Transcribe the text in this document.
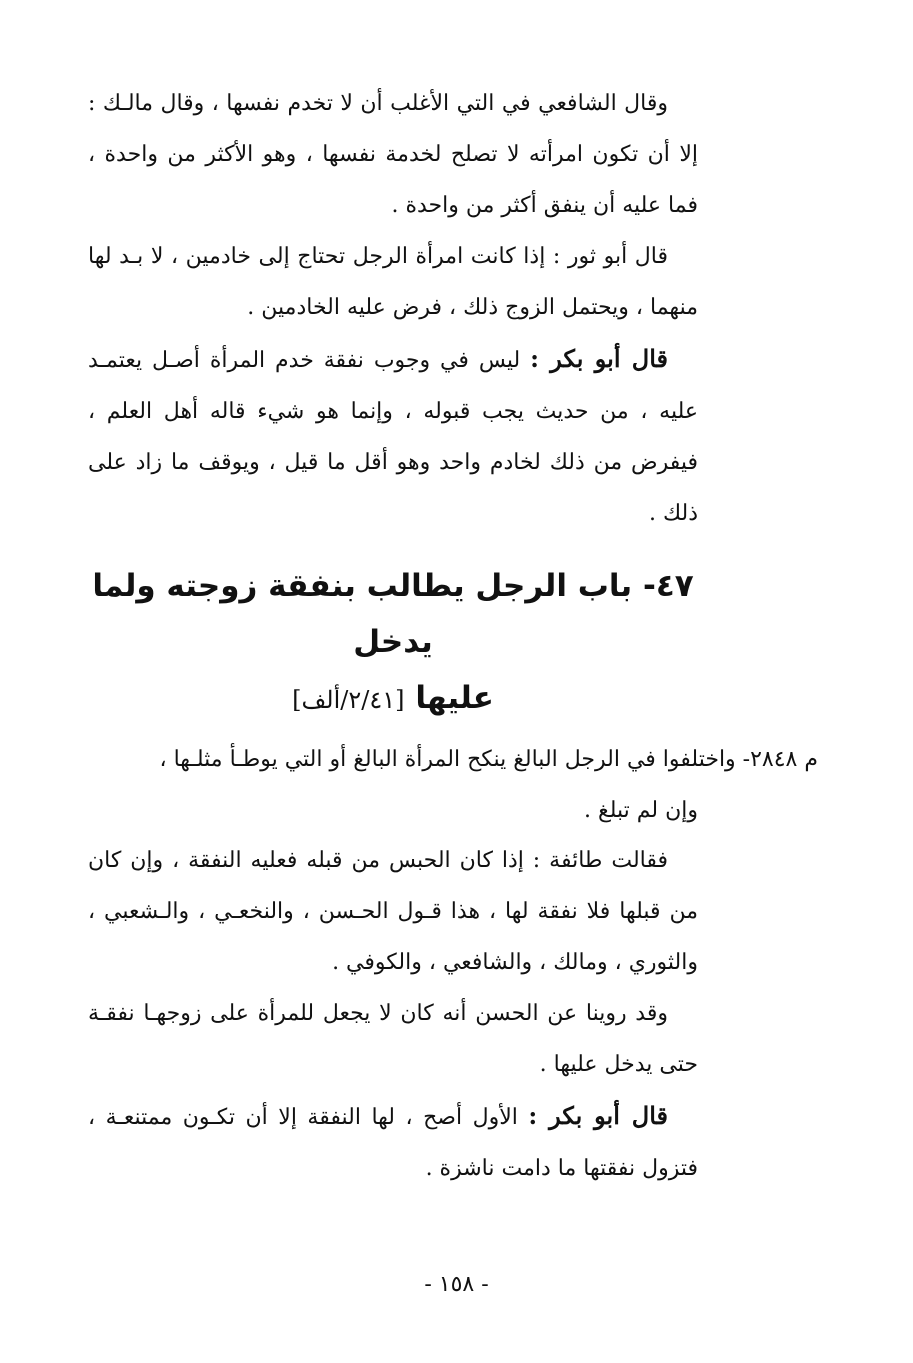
وقال الشافعي في التي الأغلب أن لا تخدم نفسها ، وقال مالـك : إلا أن تكون امرأته لا تصلح لخدمة نفسها ، وهو الأكثر من واحدة ، فما عليه أن ينفق أكثر من واحدة .

قال أبو ثور : إذا كانت امرأة الرجل تحتاج إلى خادمين ، لا بـد لها منهما ، ويحتمل الزوج ذلك ، فرض عليه الخادمين .

قال أبو بكر : ليس في وجوب نفقة خدم المرأة أصـل يعتمـد عليه ، من حديث يجب قبوله ، وإنما هو شيء قاله أهل العلم ، فيفرض من ذلك لخادم واحد وهو أقل ما قيل ، ويوقف ما زاد على ذلك .

٤٧- باب الرجل يطالب بنفقة زوجته ولما يدخل
عليها [٢/٤١/ألف]
م ٢٨٤٨- واختلفوا في الرجل البالغ ينكح المرأة البالغ أو التي يوطـأ مثلـها ،
وإن لم تبلغ .

فقالت طائفة : إذا كان الحبس من قبله فعليه النفقة ، وإن كان من قبلها فلا نفقة لها ، هذا قـول الحـسن ، والنخعـي ، والـشعبي ، والثوري ، ومالك ، والشافعي ، والكوفي .

وقد روينا عن الحسن أنه كان لا يجعل للمرأة على زوجهـا نفقـة حتى يدخل عليها .

قال أبو بكر : الأول أصح ، لها النفقة إلا أن تكـون ممتنعـة ، فتزول نفقتها ما دامت ناشزة .

- ١٥٨ -
